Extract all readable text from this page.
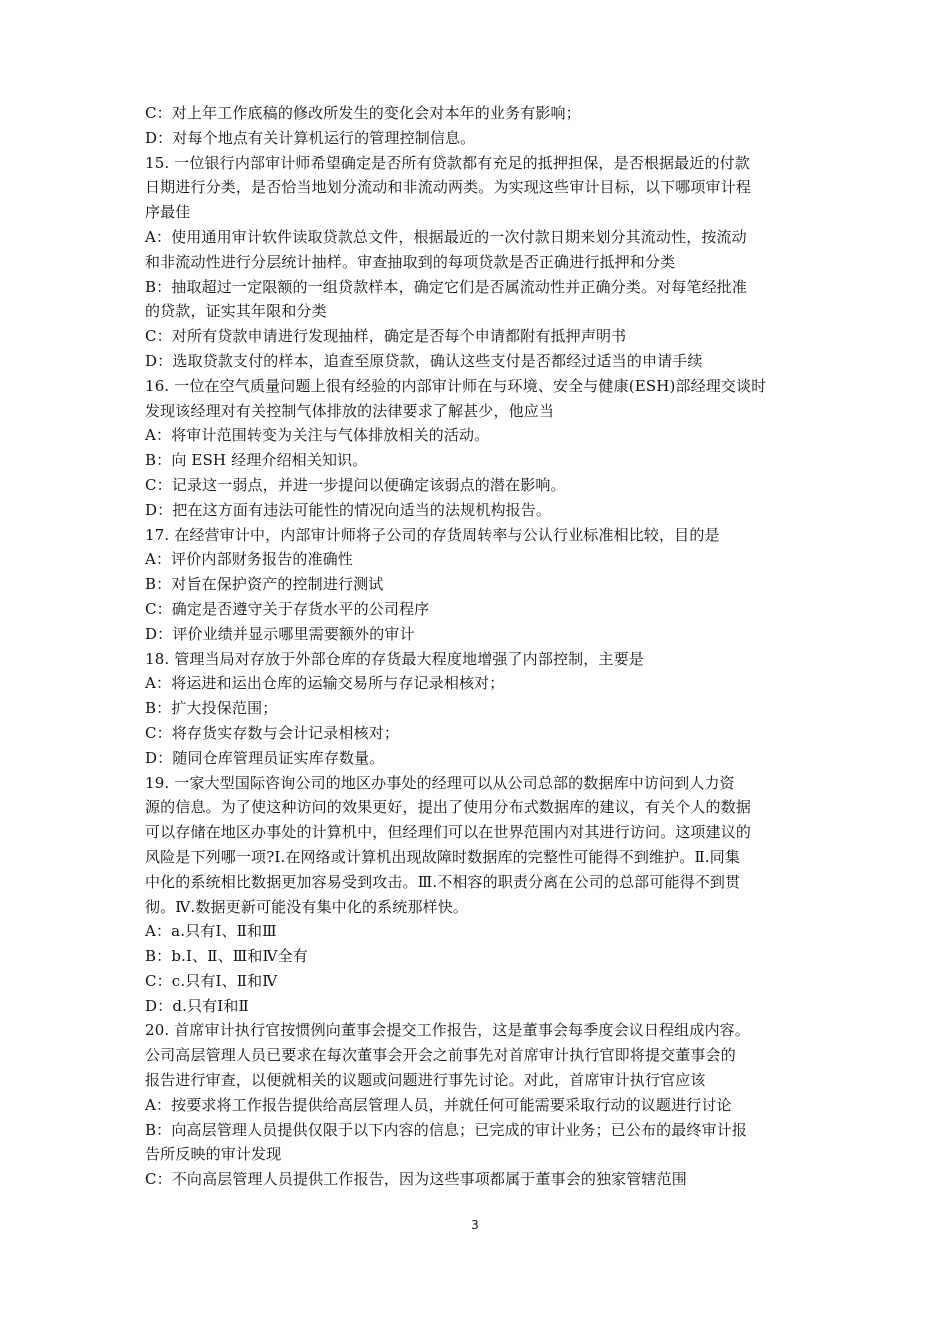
C：对上年工作底稿的修改所发生的变化会对本年的业务有影响；
D：对每个地点有关计算机运行的管理控制信息。
15. 一位银行内部审计师希望确定是否所有贷款都有充足的抵押担保，是否根据最近的付款
日期进行分类，是否恰当地划分流动和非流动两类。为实现这些审计目标，以下哪项审计程
序最佳
A：使用通用审计软件读取贷款总文件，根据最近的一次付款日期来划分其流动性，按流动
和非流动性进行分层统计抽样。审查抽取到的每项贷款是否正确进行抵押和分类
B：抽取超过一定限额的一组贷款样本，确定它们是否属流动性并正确分类。对每笔经批准
的贷款，证实其年限和分类
C：对所有贷款申请进行发现抽样，确定是否每个申请都附有抵押声明书
D：选取贷款支付的样本，追查至原贷款，确认这些支付是否都经过适当的申请手续
16. 一位在空气质量问题上很有经验的内部审计师在与环境、安全与健康(ESH)部经理交谈时
发现该经理对有关控制气体排放的法律要求了解甚少，他应当
A：将审计范围转变为关注与气体排放相关的活动。
B：向 ESH 经理介绍相关知识。
C：记录这一弱点，并进一步提问以便确定该弱点的潜在影响。
D：把在这方面有违法可能性的情况向适当的法规机构报告。
17. 在经营审计中，内部审计师将子公司的存货周转率与公认行业标准相比较，目的是
A：评价内部财务报告的准确性
B：对旨在保护资产的控制进行测试
C：确定是否遵守关于存货水平的公司程序
D：评价业绩并显示哪里需要额外的审计
18. 管理当局对存放于外部仓库的存货最大程度地增强了内部控制，主要是
A：将运进和运出仓库的运输交易所与存记录相核对；
B：扩大投保范围；
C：将存货实存数与会计记录相核对；
D：随同仓库管理员证实库存数量。
19. 一家大型国际咨询公司的地区办事处的经理可以从公司总部的数据库中访问到人力资
源的信息。为了使这种访问的效果更好，提出了使用分布式数据库的建议，有关个人的数据
可以存储在地区办事处的计算机中，但经理们可以在世界范围内对其进行访问。这项建议的
风险是下列哪一项?I.在网络或计算机出现故障时数据库的完整性可能得不到维护。Ⅱ.同集
中化的系统相比数据更加容易受到攻击。Ⅲ.不相容的职责分离在公司的总部可能得不到贯
彻。Ⅳ.数据更新可能没有集中化的系统那样快。
A：a.只有Ⅰ、Ⅱ和Ⅲ
B：b.I、Ⅱ、Ⅲ和Ⅳ全有
C：c.只有Ⅰ、Ⅱ和Ⅳ
D：d.只有Ⅰ和Ⅱ
20. 首席审计执行官按惯例向董事会提交工作报告，这是董事会每季度会议日程组成内容。
公司高层管理人员已要求在每次董事会开会之前事先对首席审计执行官即将提交董事会的
报告进行审查，以便就相关的议题或问题进行事先讨论。对此，首席审计执行官应该
A：按要求将工作报告提供给高层管理人员，并就任何可能需要采取行动的议题进行讨论
B：向高层管理人员提供仅限于以下内容的信息；已完成的审计业务；已公布的最终审计报
告所反映的审计发现
C：不向高层管理人员提供工作报告，因为这些事项都属于董事会的独家管辖范围
3
